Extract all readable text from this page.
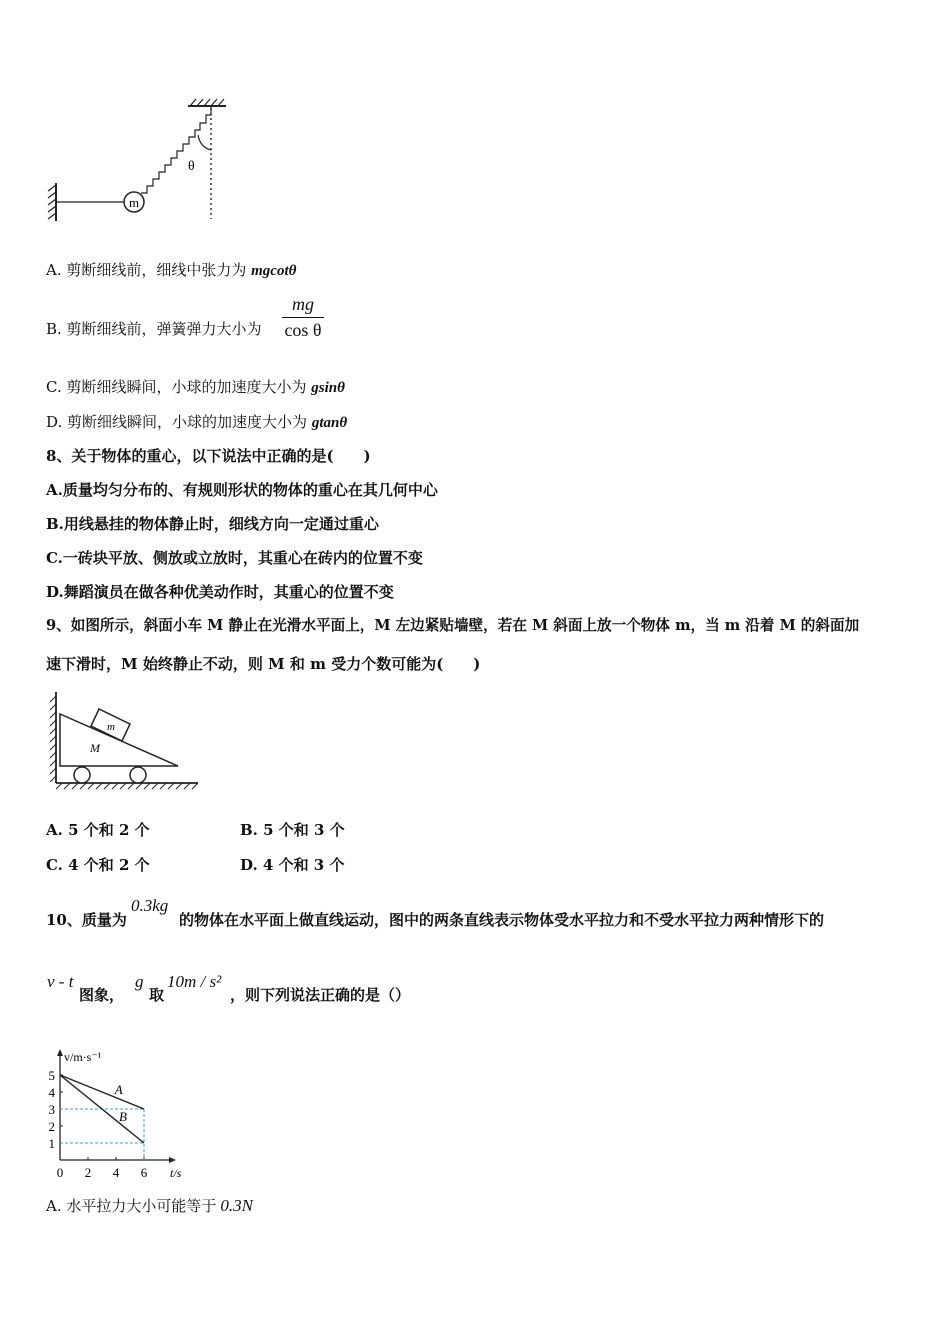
θ
m
A. 剪断细线前，细线中张力为 mgcotθ
B. 剪断细线前，弹簧弹力大小为 $\frac{mg}{\text{cos θ}}$
C. 剪断细线瞬间，小球的加速度大小为 gsinθ
D. 剪断细线瞬间，小球的加速度大小为 gtanθ
8、关于物体的重心，以下说法中正确的是(　　)
A.质量均匀分布的、有规则形状的物体的重心在其几何中心
B.用线悬挂的物体静止时，细线方向一定通过重心
C.一砖块平放、侧放或立放时，其重心在砖内的位置不变
D.舞蹈演员在做各种优美动作时，其重心的位置不变
9、如图所示，斜面小车 M 静止在光滑水平面上，M 左边紧贴墙壁，若在 M 斜面上放一个物体 m，当 m 沿着 M 的斜面加
速下滑时，M 始终静止不动，则 M 和 m 受力个数可能为(　　)
m
M
A. 5 个和 2 个	B. 5 个和 3 个
C. 4 个和 2 个	D. 4 个和 3 个
10、质量为
0.3kg
的物体在水平面上做直线运动，图中的两条直线表示物体受水平拉力和不受水平拉力两种情形下的
v - t
图象，
g
取
10m / s²
，则下列说法正确的是（）
v/m·s⁻¹
t/s
0 2 4 6
1
2
3
4
5
A
B
A. 水平拉力大小可能等于 0.3N
